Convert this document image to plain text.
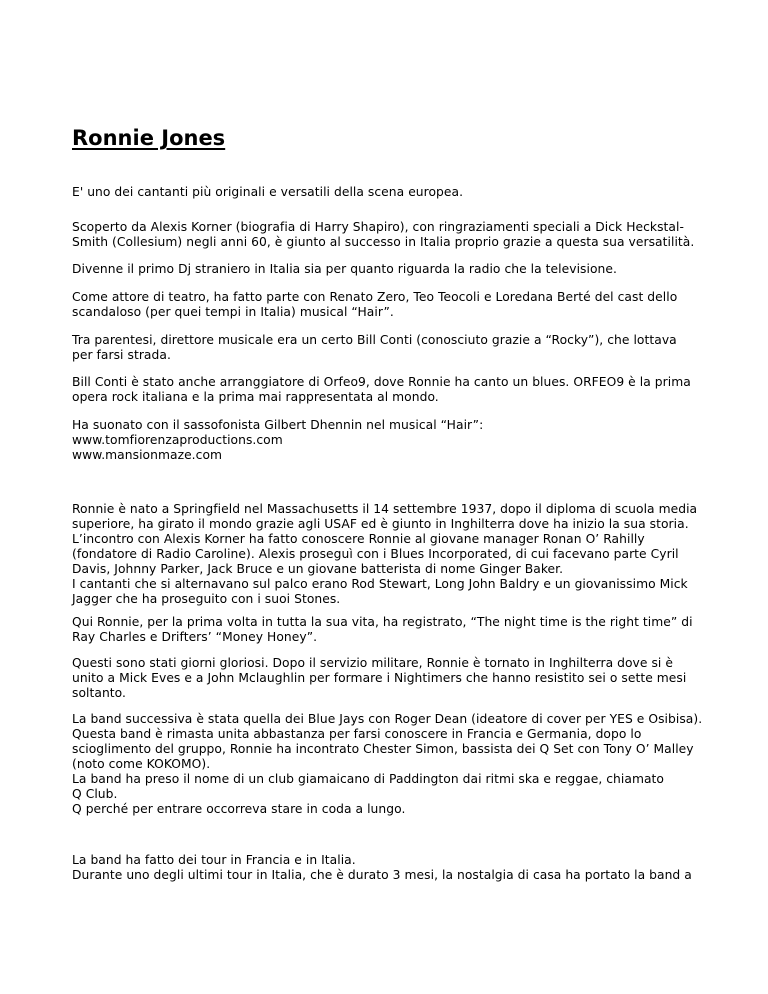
Ronnie Jones
E' uno dei cantanti più originali e versatili della scena europea.
Scoperto da Alexis Korner (biografia di Harry Shapiro), con ringraziamenti speciali a Dick Heckstal-
Smith (Collesium) negli anni 60, è giunto al successo in Italia proprio grazie a questa sua versatilità.
Divenne il primo Dj straniero in Italia sia per quanto riguarda la radio che la televisione.
Come attore di teatro, ha fatto parte con Renato Zero, Teo Teocoli e Loredana Berté del cast dello
scandaloso (per quei tempi in Italia) musical “Hair”.
Tra parentesi, direttore musicale era un certo Bill Conti (conosciuto grazie a “Rocky”), che lottava
per farsi strada.
Bill Conti è stato anche arranggiatore di Orfeo9, dove Ronnie ha canto un blues. ORFEO9 è la prima
opera rock italiana e la prima mai rappresentata al mondo.
Ha suonato con il sassofonista Gilbert Dhennin nel musical “Hair”:
www.tomfiorenzaproductions.com
www.mansionmaze.com
Ronnie è nato a Springfield nel Massachusetts il 14 settembre 1937, dopo il diploma di scuola media
superiore, ha girato il mondo grazie agli USAF ed è giunto in Inghilterra dove ha inizio la sua storia.
L’incontro con Alexis Korner ha fatto conoscere Ronnie al giovane manager Ronan O’ Rahilly
(fondatore di Radio Caroline). Alexis proseguì con i Blues Incorporated, di cui facevano parte Cyril
Davis, Johnny Parker, Jack Bruce e un giovane batterista di nome Ginger Baker.
I cantanti che si alternavano sul palco erano Rod Stewart, Long John Baldry e un giovanissimo Mick
Jagger che ha proseguito con i suoi Stones.
Qui Ronnie, per la prima volta in tutta la sua vita, ha registrato, “The night time is the right time” di
Ray Charles e Drifters’ “Money Honey”.
Questi sono stati giorni gloriosi. Dopo il servizio militare, Ronnie è tornato in Inghilterra dove si è
unito a Mick Eves e a John Mclaughlin per formare i Nightimers che hanno resistito sei o sette mesi
soltanto.
La band successiva è stata quella dei Blue Jays con Roger Dean (ideatore di cover per YES e Osibisa).
Questa band è rimasta unita abbastanza per farsi conoscere in Francia e Germania, dopo lo
scioglimento del gruppo, Ronnie ha incontrato Chester Simon, bassista dei Q Set con Tony O’ Malley
(noto come KOKOMO).
La band ha preso il nome di un club giamaicano di Paddington dai ritmi ska e reggae, chiamato
Q Club.
Q perché per entrare occorreva stare in coda a lungo.
La band ha fatto dei tour in Francia e in Italia.
Durante uno degli ultimi tour in Italia, che è durato 3 mesi, la nostalgia di casa ha portato la band a
